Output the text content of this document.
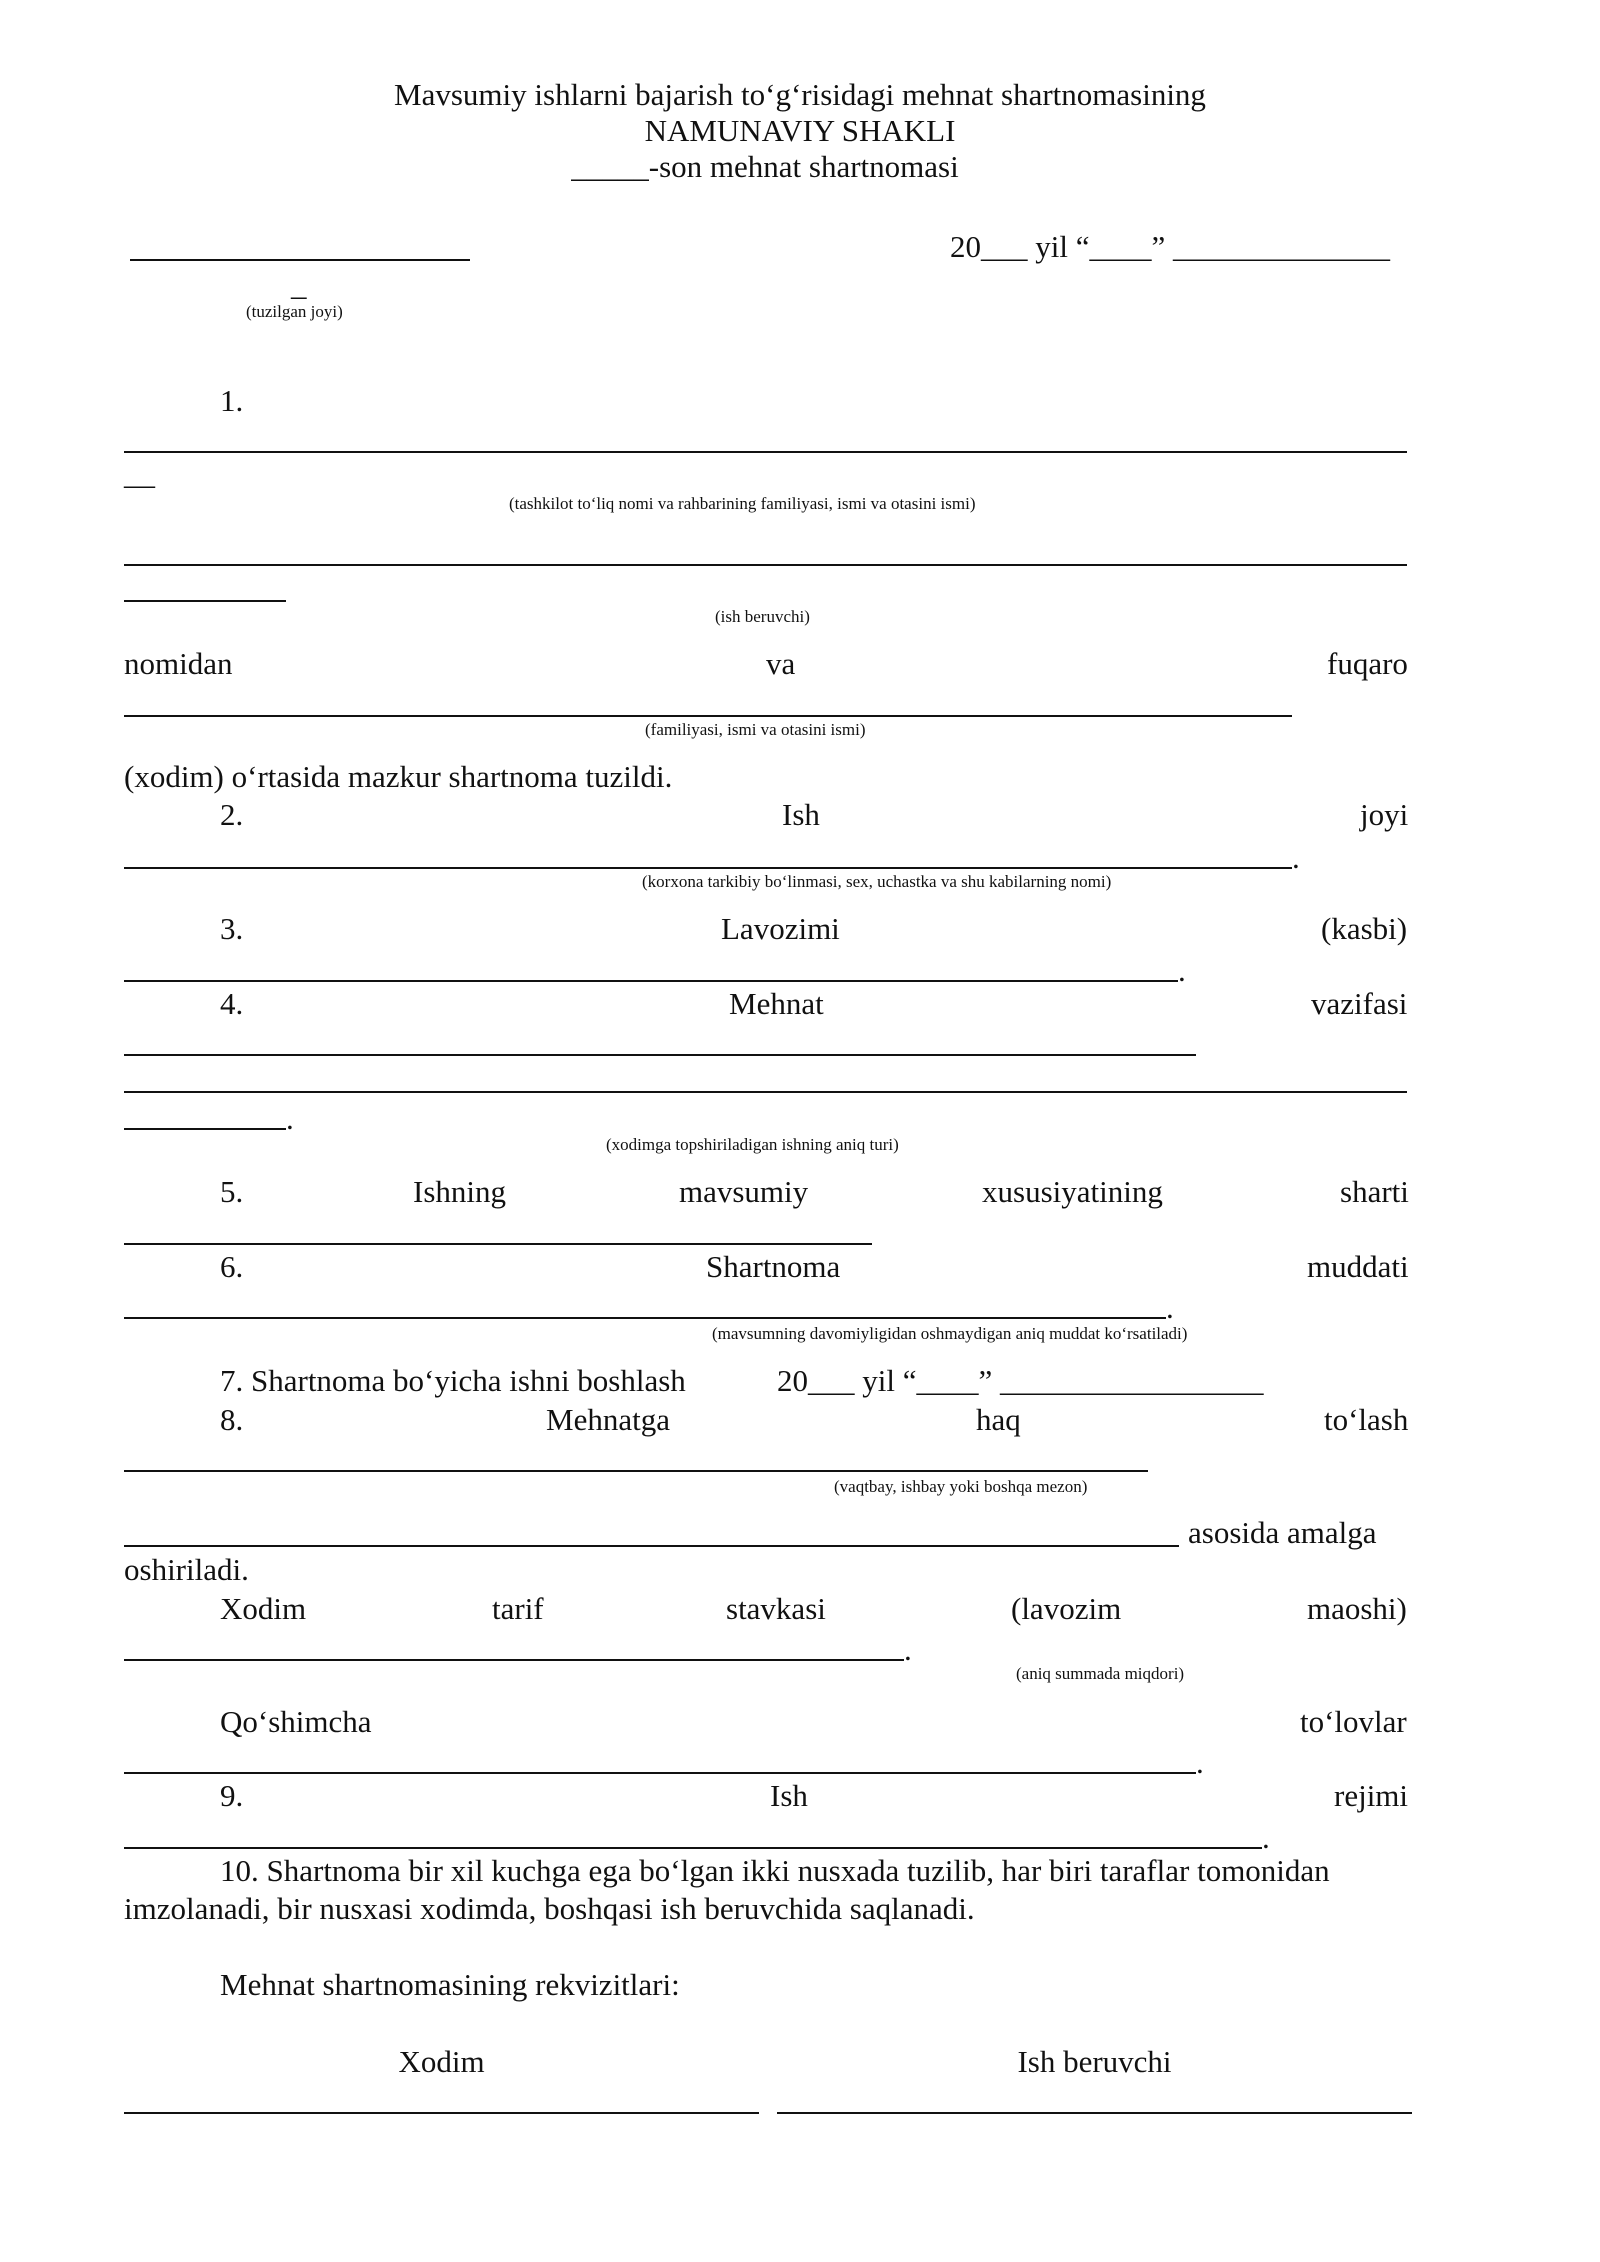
Mavsumiy ishlarni bajarish to‘g‘risidagi mehnat shartnomasining
NAMUNAVIY SHAKLI
_____-son mehnat shartnomasi
_
(tuzilgan joyi)
20___ yil “____” ______________
1.
__
(tashkilot to‘liq nomi va rahbarining familiyasi, ismi va otasini ismi)
(ish beruvchi)
nomidan	va	fuqaro
(familiyasi, ismi va otasini ismi)
(xodim) o‘rtasida mazkur shartnoma tuzildi.
2.	Ish	joyi
.
(korxona tarkibiy bo‘linmasi, sex, uchastka va shu kabilarning nomi)
3.	Lavozimi	(kasbi)
.
4.	Mehnat	vazifasi
.
(xodimga topshiriladigan ishning aniq turi)
5.	Ishning	mavsumiy	xususiyatining	sharti
6.	Shartnoma	muddati
.
(mavsumning davomiyligidan oshmaydigan aniq muddat ko‘rsatiladi)
7. Shartnoma bo‘yicha ishni boshlash	20___ yil “____” _________________
8.	Mehnatga	haq	to‘lash
(vaqtbay, ishbay yoki boshqa mezon)
asosida amalga
oshiriladi.
Xodim	tarif	stavkasi	(lavozim	maoshi)
.
(aniq summada miqdori)
Qo‘shimcha	to‘lovlar
.
9.	Ish	rejimi
.
10. Shartnoma bir xil kuchga ega bo‘lgan ikki nusxada tuzilib, har biri taraflar tomonidan
imzolanadi, bir nusxasi xodimda, boshqasi ish beruvchida saqlanadi.
Mehnat shartnomasining rekvizitlari:
Xodim	Ish beruvchi
